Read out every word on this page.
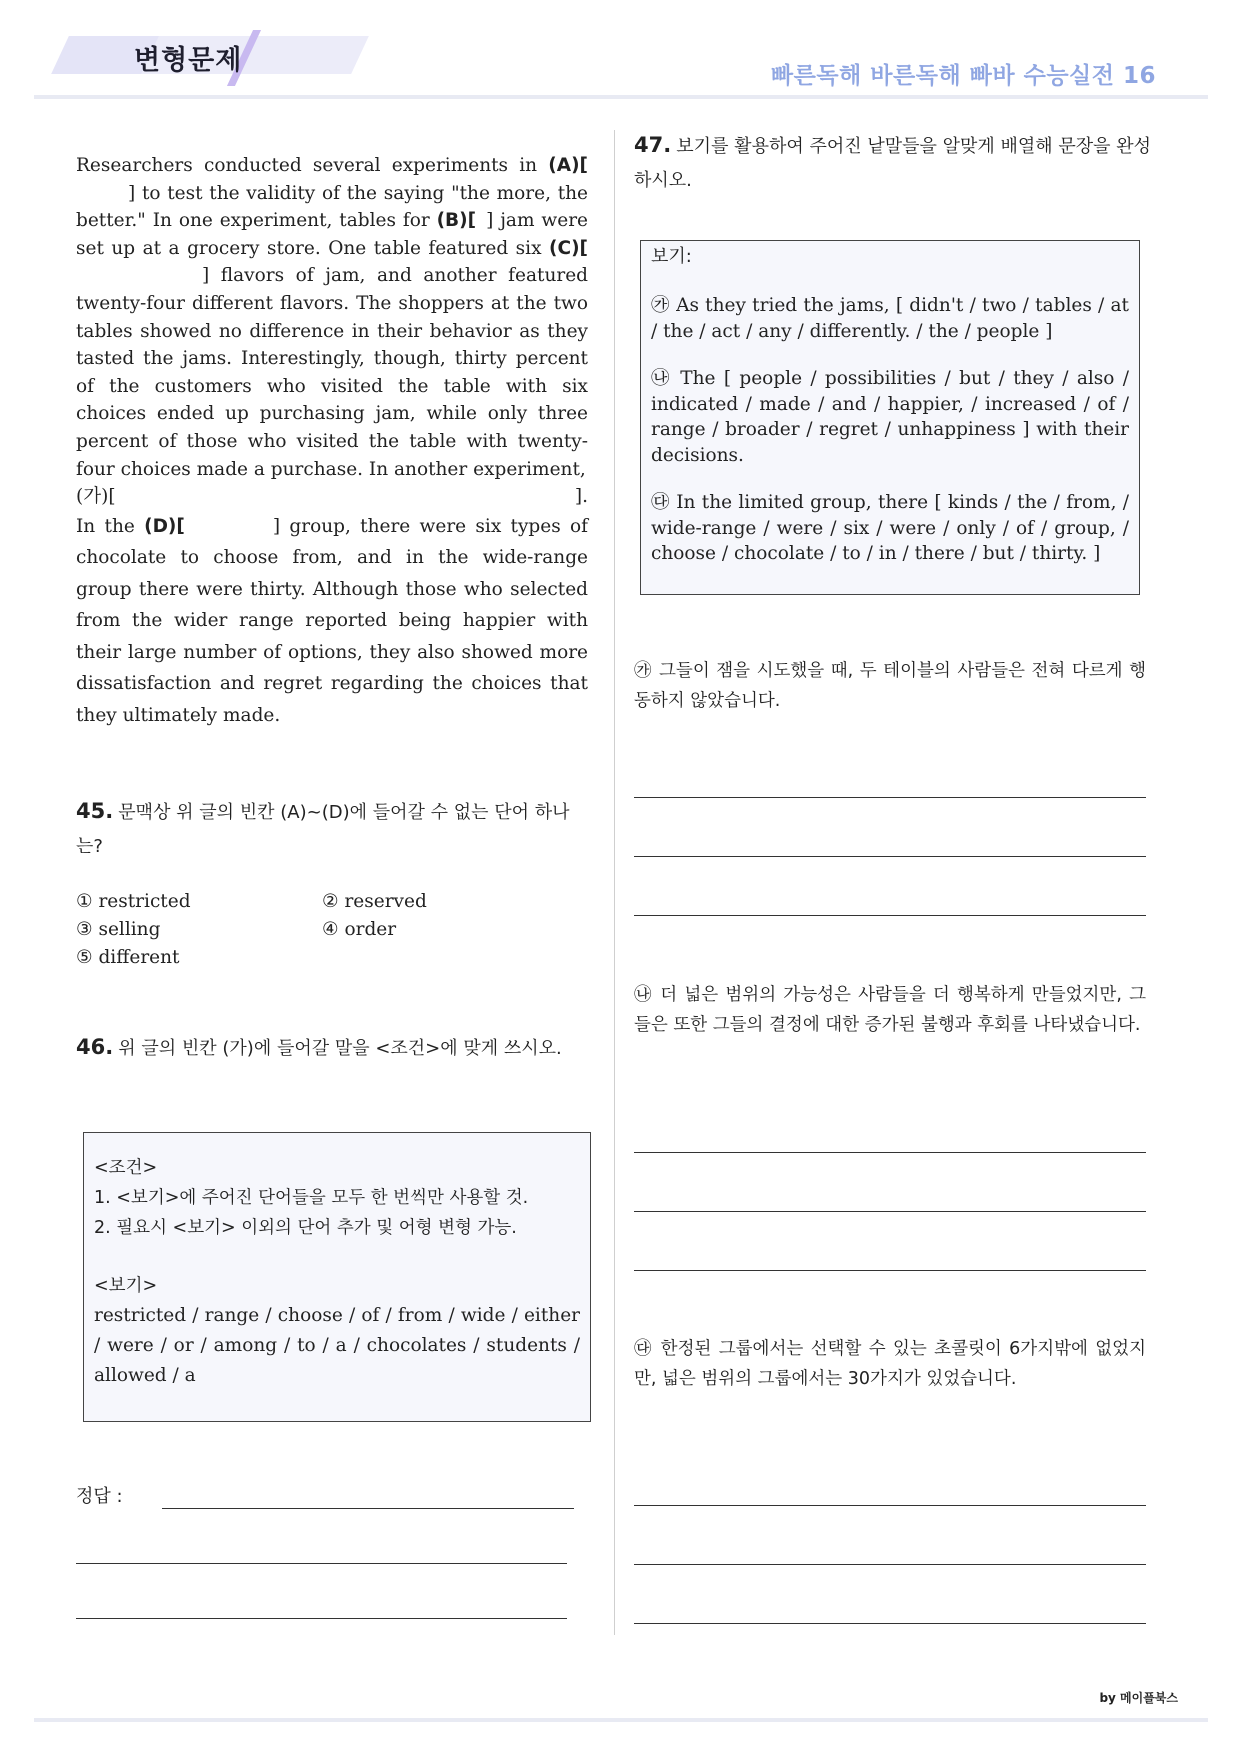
변형문제	빠른독해 바른독해 빠바 수능실전 16

Researchers conducted several experiments in (A)[] to test the validity of the saying "the more, the better." In one experiment, tables for (B)[ ] jam were set up at a grocery store. One table featured six (C)[] flavors of jam, and another featured twenty-four different flavors. The shoppers at the two tables showed no difference in their behavior as they tasted the jams. Interestingly, though, thirty percent of the customers who visited the table with six choices ended up purchasing jam, while only three percent of those who visited the table with twenty-four choices made a purchase. In another experiment,

(가)[	].

In the (D)[	] group, there were six types of chocolate to choose from, and in the wide-range group there were thirty. Although those who selected from the wider range reported being happier with their large number of options, they also showed more dissatisfaction and regret regarding the choices that they ultimately made.

45. 문맥상 위 글의 빈칸 (A)~(D)에 들어갈 수 없는 단어 하나는?
① restricted	② reserved
③ selling	④ order
⑤ different
46. 위 글의 빈칸 (가)에 들어갈 말을 <조건>에 맞게 쓰시오.
<조건>
1. <보기>에 주어진 단어들을 모두 한 번씩만 사용할 것.
2. 필요시 <보기> 이외의 단어 추가 및 어형 변형 가능.
<보기>
restricted / range / choose / of / from / wide / either / were / or / among / to / a / chocolates / students / allowed / a
정답 :
47. 보기를 활용하여 주어진 낱말들을 알맞게 배열해 문장을 완성하시오.
보기:
㉮ As they tried the jams, [ didn't / two / tables / at / the / act / any / differently. / the / people ]
㉯ The [ people / possibilities / but / they / also / indicated / made / and / happier, / increased / of / range / broader / regret / unhappiness ] with their decisions.
㉰ In the limited group, there [ kinds / the / from, / wide-range / were / six / were / only / of / group, / choose / chocolate / to / in / there / but / thirty. ]
㉮ 그들이 잼을 시도했을 때, 두 테이블의 사람들은 전혀 다르게 행동하지 않았습니다.
㉯ 더 넓은 범위의 가능성은 사람들을 더 행복하게 만들었지만, 그들은 또한 그들의 결정에 대한 증가된 불행과 후회를 나타냈습니다.
㉰ 한정된 그룹에서는 선택할 수 있는 초콜릿이 6가지밖에 없었지만, 넓은 범위의 그룹에서는 30가지가 있었습니다.
by 메이플북스
